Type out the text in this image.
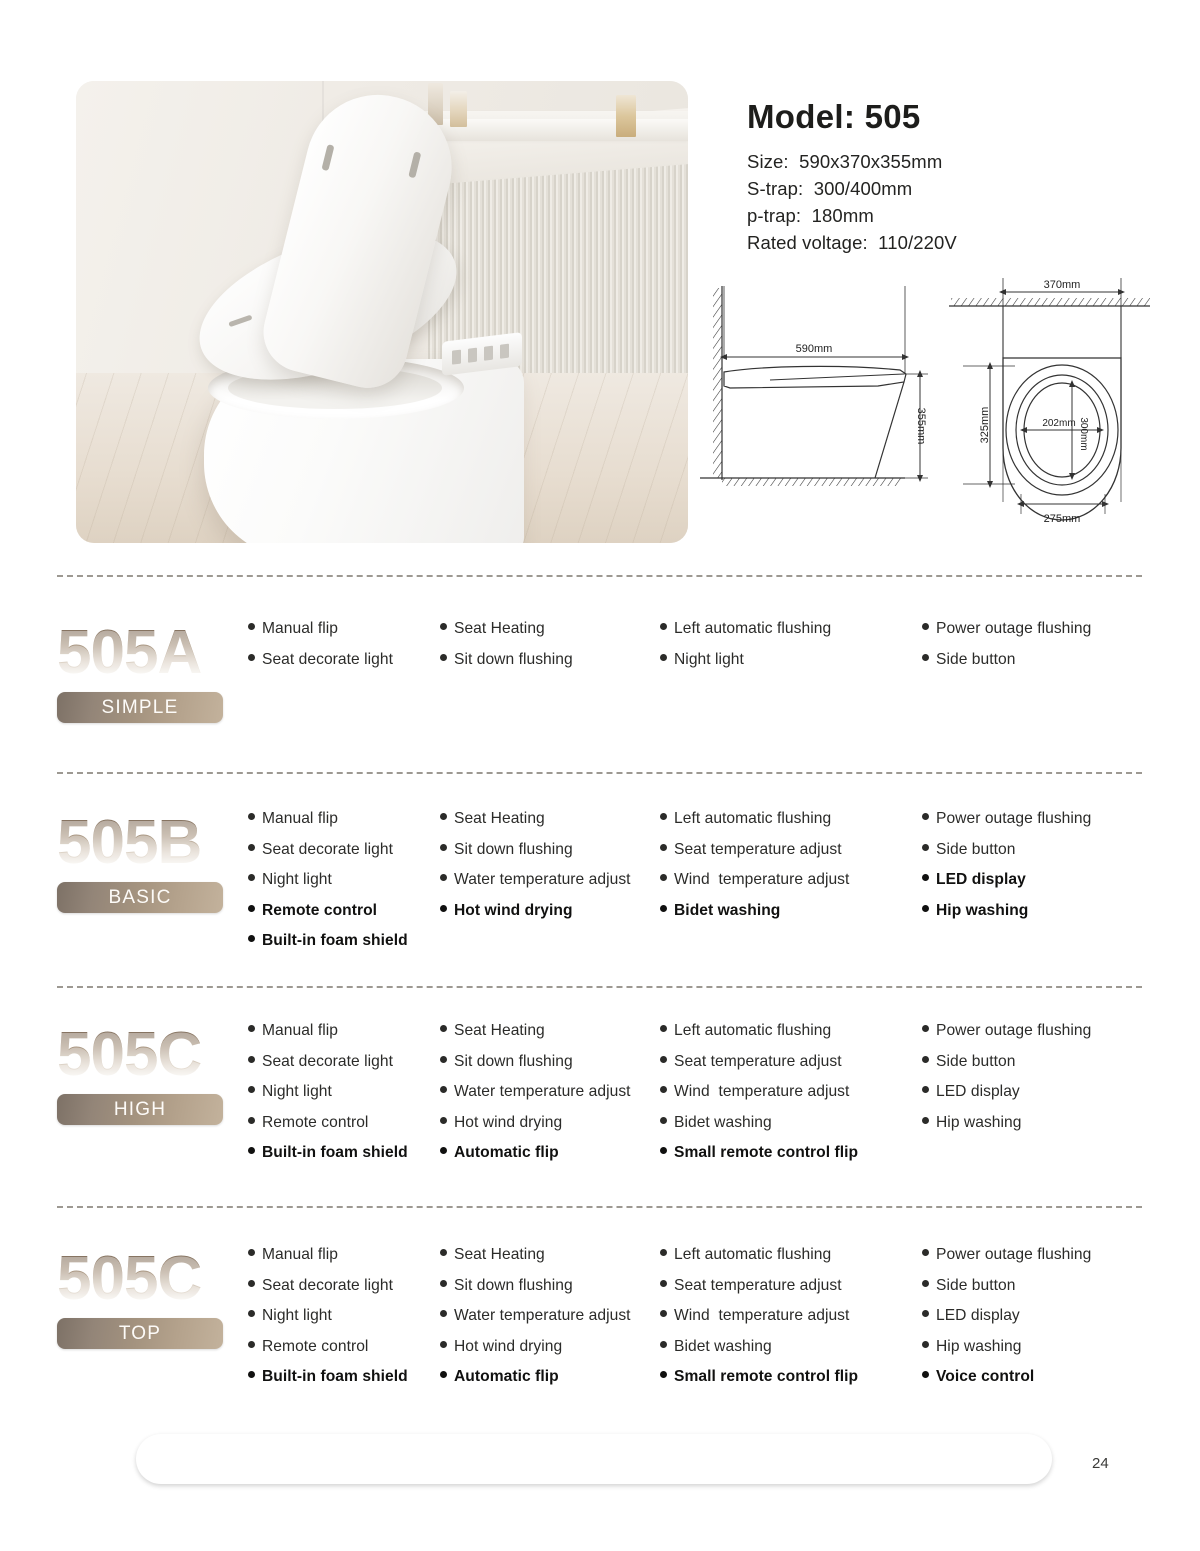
Model: 505
Size:  590x370x355mm
S-trap:  300/400mm
p-trap:  180mm
Rated voltage:  110/220V
590mm
355mm
370mm
325mm	202mm 300mm
275mm
505A
SIMPLE
Manual flip
Seat decorate light
Seat Heating
Sit down flushing
Left automatic flushing
Night light
Power outage flushing
Side button
505B
BASIC
Manual flip
Seat decorate light
Night light
Remote control
Built-in foam shield
Seat Heating
Sit down flushing
Water temperature adjust
Hot wind drying
Left automatic flushing
Seat temperature adjust
Wind  temperature adjust
Bidet washing
Power outage flushing
Side button
LED display
Hip washing
505C
HIGH
Manual flip
Seat decorate light
Night light
Remote control
Built-in foam shield
Seat Heating
Sit down flushing
Water temperature adjust
Hot wind drying
Automatic flip
Left automatic flushing
Seat temperature adjust
Wind  temperature adjust
Bidet washing
Small remote control flip
Power outage flushing
Side button
LED display
Hip washing
505C
TOP
Manual flip
Seat decorate light
Night light
Remote control
Built-in foam shield
Seat Heating
Sit down flushing
Water temperature adjust
Hot wind drying
Automatic flip
Left automatic flushing
Seat temperature adjust
Wind  temperature adjust
Bidet washing
Small remote control flip
Power outage flushing
Side button
LED display
Hip washing
Voice control
OEM / ODM	|	220V~ → 110V~ +$10	|	S-TRAP → P-TRAP +$12	24
